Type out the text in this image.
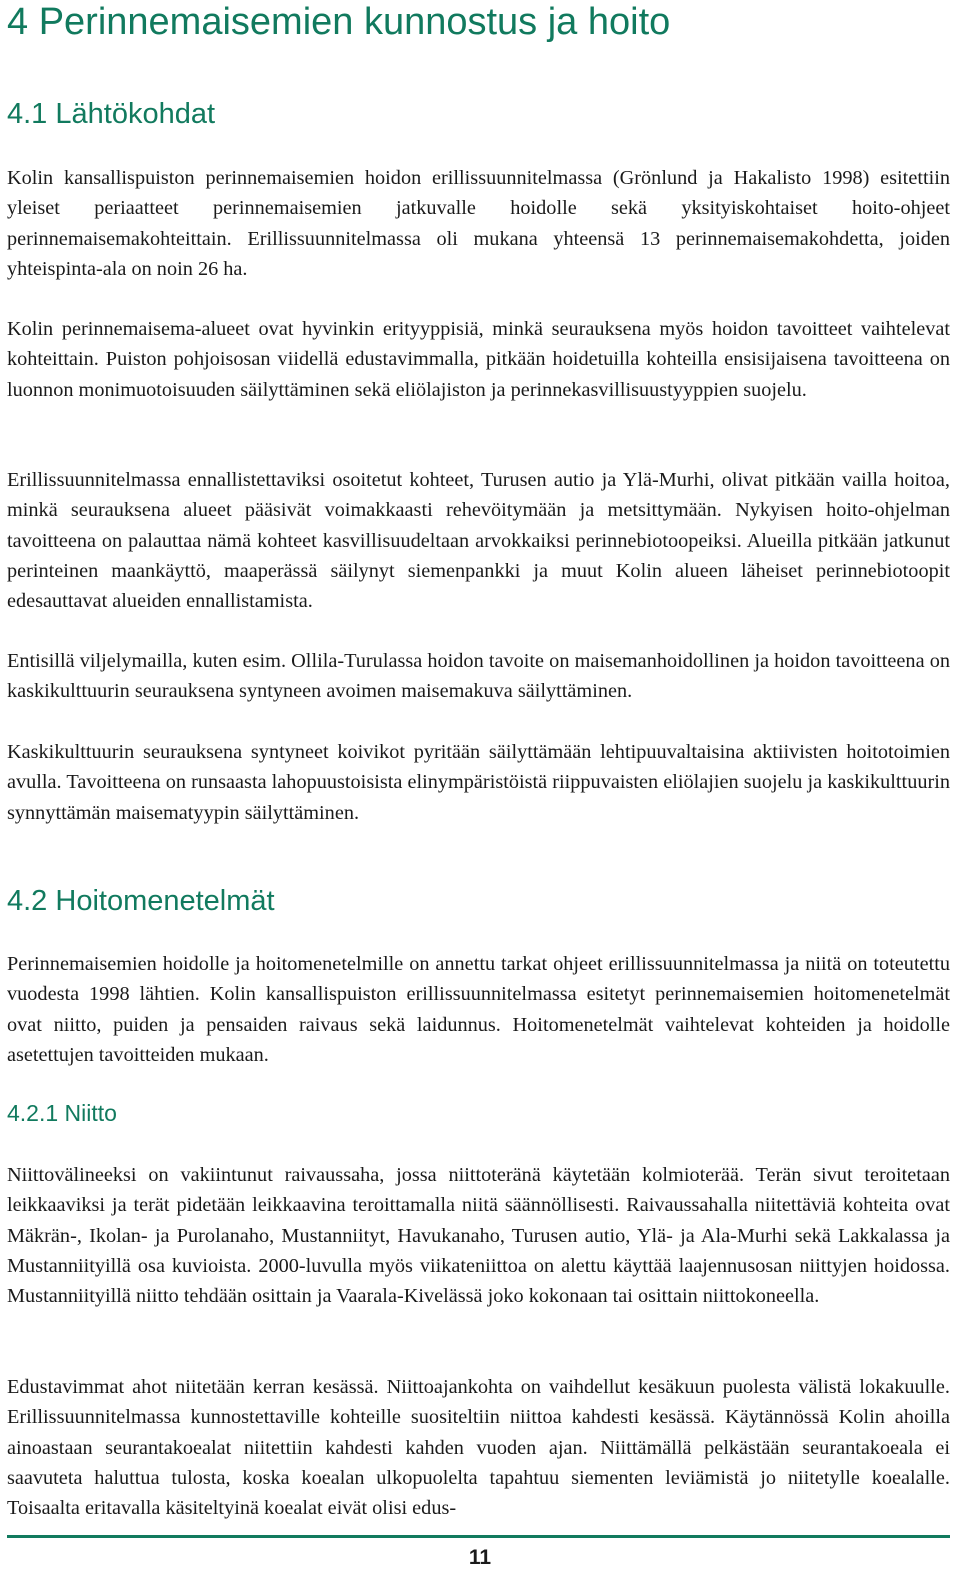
4 Perinnemaisemien kunnostus ja hoito
4.1 Lähtökohdat

Kolin kansallispuiston perinnemaisemien hoidon erillissuunnitelmassa (Grönlund ja Hakalisto 1998) esitettiin yleiset periaatteet perinnemaisemien jatkuvalle hoidolle sekä yksityiskohtaiset hoito-ohjeet perinnemaisemakohteittain. Erillissuunnitelmassa oli mukana yhteensä 13 perinnemaisemakohdetta, joiden yhteispinta-ala on noin 26 ha.

Kolin perinnemaisema-alueet ovat hyvinkin erityyppisiä, minkä seurauksena myös hoidon tavoitteet vaihtelevat kohteittain. Puiston pohjoisosan viidellä edustavimmalla, pitkään hoidetuilla kohteilla ensisijaisena tavoitteena on luonnon monimuotoisuuden säilyttäminen sekä eliölajiston ja perinnekasvillisuustyyppien suojelu.

Erillissuunnitelmassa ennallistettaviksi osoitetut kohteet, Turusen autio ja Ylä-Murhi, olivat pitkään vailla hoitoa, minkä seurauksena alueet pääsivät voimakkaasti rehevöitymään ja metsittymään. Nykyisen hoito-ohjelman tavoitteena on palauttaa nämä kohteet kasvillisuudeltaan arvokkaiksi perinnebiotoopeiksi. Alueilla pitkään jatkunut perinteinen maankäyttö, maaperässä säilynyt siemenpankki ja muut Kolin alueen läheiset perinnebiotoopit edesauttavat alueiden ennallistamista.

Entisillä viljelymailla, kuten esim. Ollila-Turulassa hoidon tavoite on maisemanhoidollinen ja hoidon tavoitteena on kaskikulttuurin seurauksena syntyneen avoimen maisemakuva säilyttäminen.

Kaskikulttuurin seurauksena syntyneet koivikot pyritään säilyttämään lehtipuuvaltaisina aktiivisten hoitotoimien avulla. Tavoitteena on runsaasta lahopuustoisista elinympäristöistä riippuvaisten eliölajien suojelu ja kaskikulttuurin synnyttämän maisematyypin säilyttäminen.

4.2 Hoitomenetelmät

Perinnemaisemien hoidolle ja hoitomenetelmille on annettu tarkat ohjeet erillissuunnitelmassa ja niitä on toteutettu vuodesta 1998 lähtien. Kolin kansallispuiston erillissuunnitelmassa esitetyt perinnemaisemien hoitomenetelmät ovat niitto, puiden ja pensaiden raivaus sekä laidunnus. Hoitomenetelmät vaihtelevat kohteiden ja hoidolle asetettujen tavoitteiden mukaan.

4.2.1 Niitto

Niittovälineeksi on vakiintunut raivaussaha, jossa niittoteränä käytetään kolmioterää. Terän sivut teroitetaan leikkaaviksi ja terät pidetään leikkaavina teroittamalla niitä säännöllisesti. Raivaussahalla niitettäviä kohteita ovat Mäkrän-, Ikolan- ja Purolanaho, Mustanniityt, Havukanaho, Turusen autio, Ylä- ja Ala-Murhi sekä Lakkalassa ja Mustanniityillä osa kuvioista. 2000-luvulla myös viikateniittoa on alettu käyttää laajennusosan niittyjen hoidossa. Mustanniityillä niitto tehdään osittain ja Vaarala-Kivelässä joko kokonaan tai osittain niittokoneella.

Edustavimmat ahot niitetään kerran kesässä. Niittoajankohta on vaihdellut kesäkuun puolesta välistä lokakuulle. Erillissuunnitelmassa kunnostettaville kohteille suositeltiin niittoa kahdesti kesässä. Käytännössä Kolin ahoilla ainoastaan seurantakoealat niitettiin kahdesti kahden vuoden ajan. Niittämällä pelkästään seurantakoeala ei saavuteta haluttua tulosta, koska koealan ulkopuolelta tapahtuu siementen leviämistä jo niitetylle koealalle. Toisaalta eritavalla käsiteltyinä koealat eivät olisi edus-

11
